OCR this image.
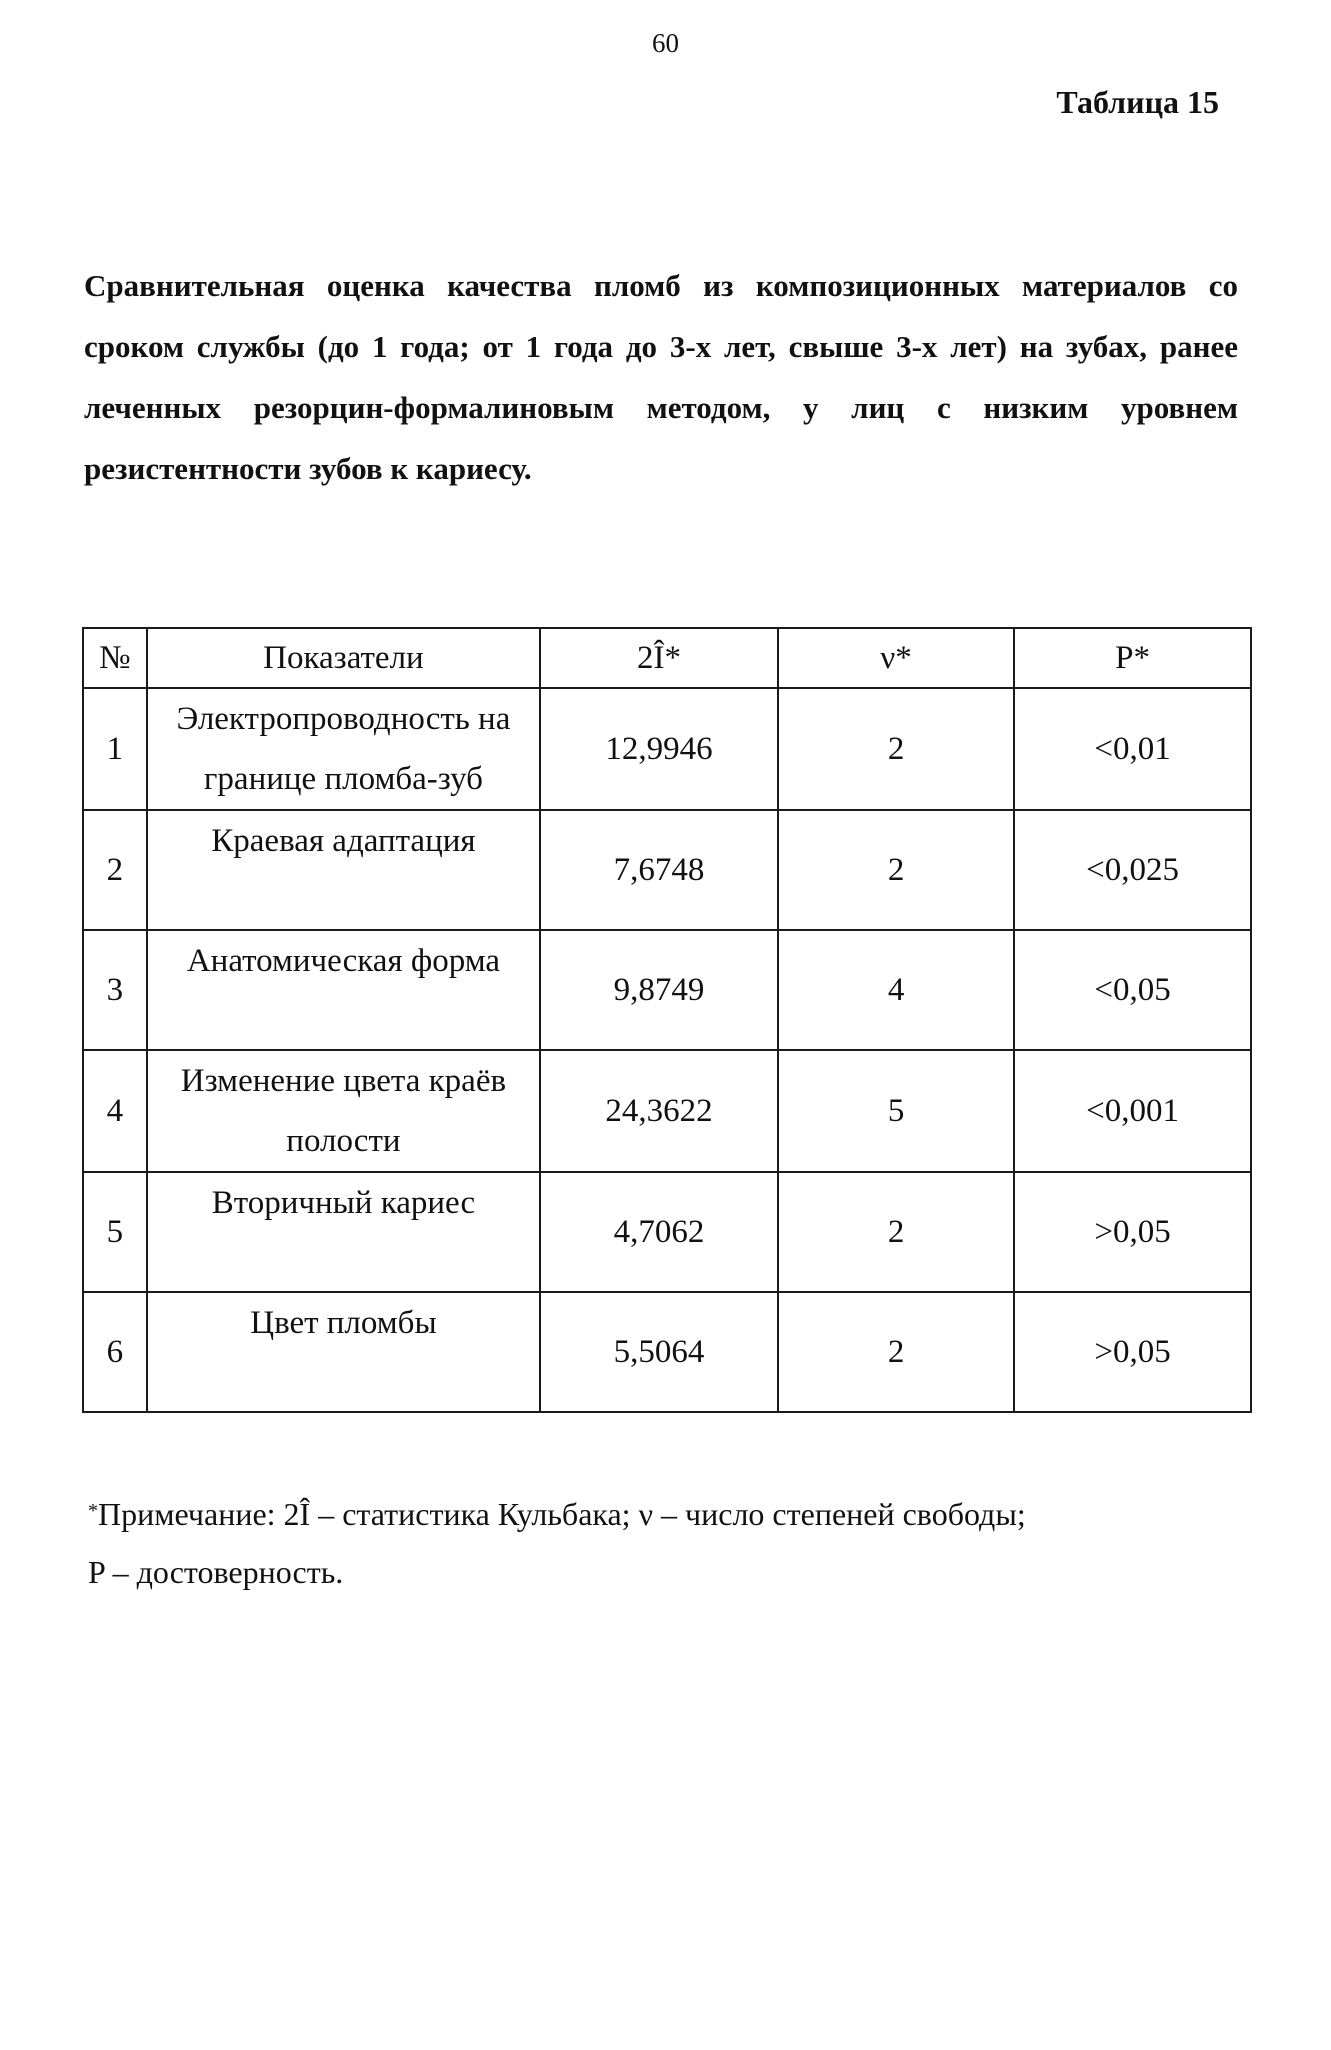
60
Таблица 15
Сравнительная оценка качества пломб из композиционных материалов со сроком службы (до 1 года; от 1 года до 3-х лет, свыше 3-х лет) на зубах, ранее леченных резорцин-формалиновым методом, у лиц с низким уровнем резистентности зубов к кариесу.
№	Показатели	2Î*	ν*	P*
1	Электропроводность на границе пломба-зуб	12,9946	2	<0,01
2	Краевая адаптация	7,6748	2	<0,025
3	Анатомическая форма	9,8749	4	<0,05
4	Изменение цвета краёв полости	24,3622	5	<0,001
5	Вторичный кариес	4,7062	2	>0,05
6	Цвет пломбы	5,5064	2	>0,05
*Примечание: 2Î – статистика Кульбака; ν – число степеней свободы;
P – достоверность.
